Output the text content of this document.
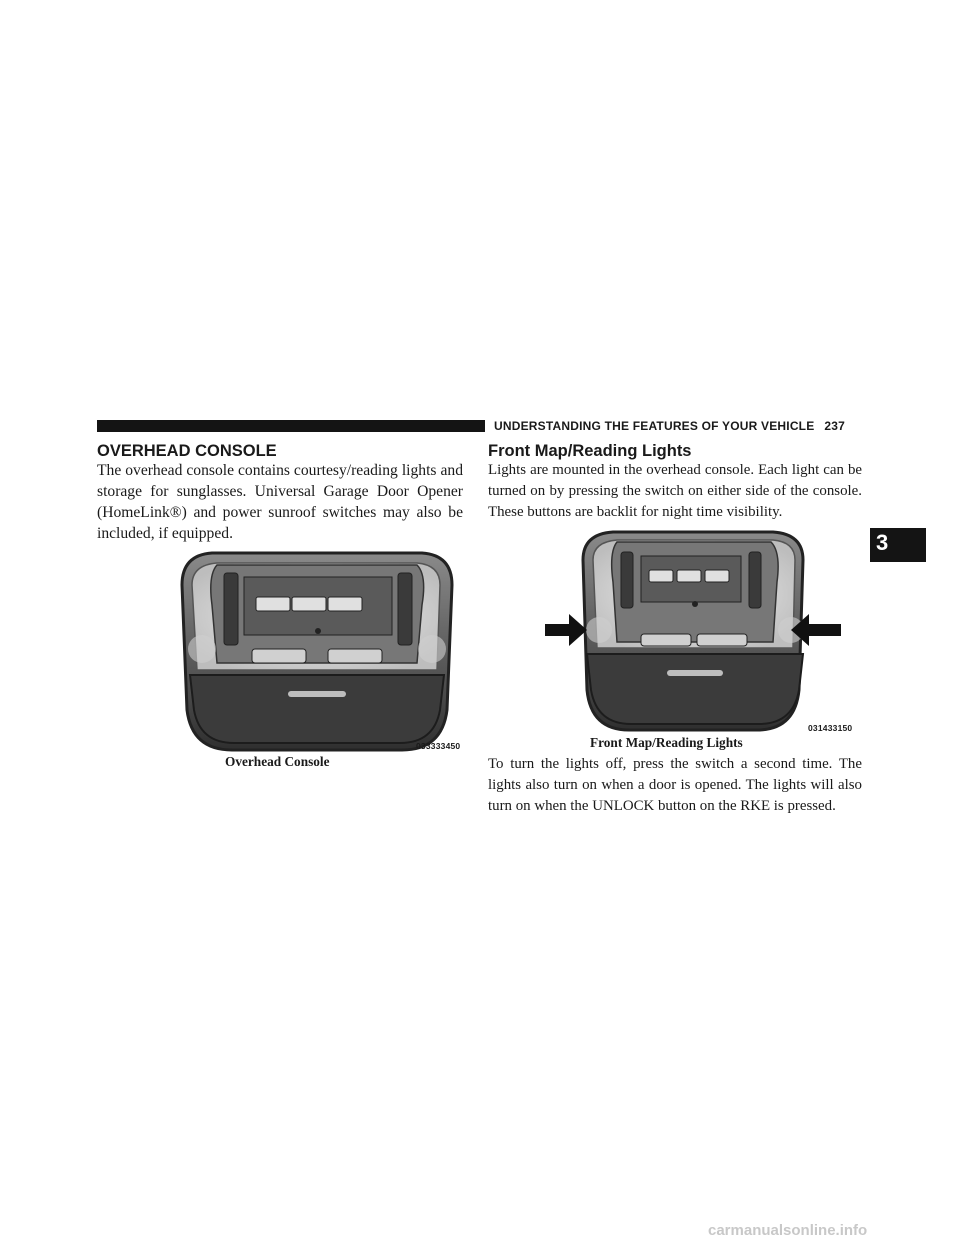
UNDERSTANDING THE FEATURES OF YOUR VEHICLE 237
OVERHEAD CONSOLE

The overhead console contains courtesy/reading lights and storage for sunglasses. Universal Garage Door Opener (HomeLink®) and power sunroof switches may also be included, if equipped.

033333450
Overhead Console
Front Map/Reading Lights

Lights are mounted in the overhead console. Each light can be turned on by pressing the switch on either side of the console. These buttons are backlit for night time visibility.

031433150
Front Map/Reading Lights

To turn the lights off, press the switch a second time. The lights also turn on when a door is opened. The lights will also turn on when the UNLOCK button on the RKE is pressed.

3
carmanualsonline.info
